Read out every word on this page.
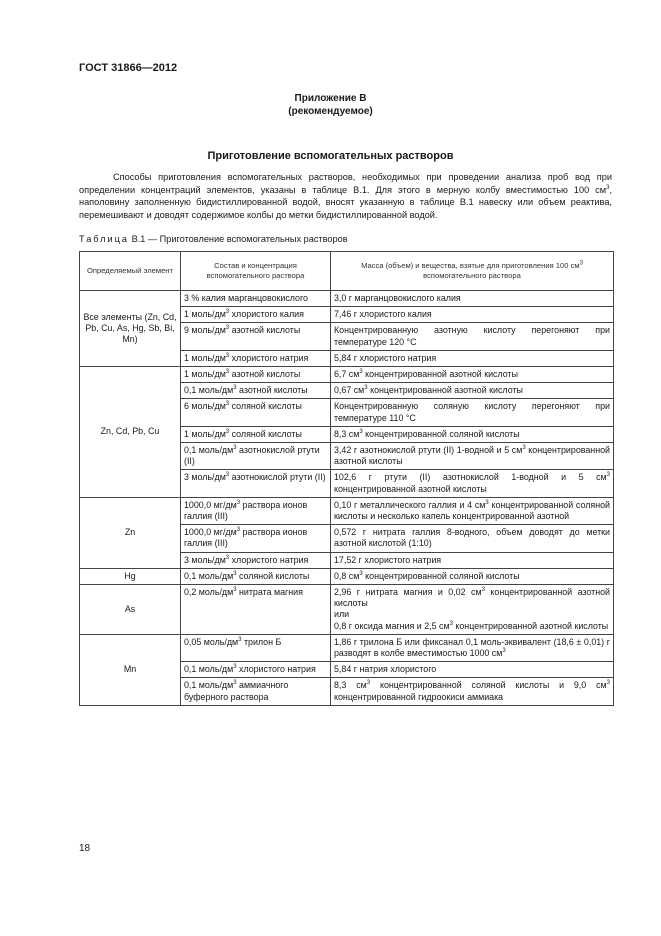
ГОСТ 31866—2012
Приложение В
(рекомендуемое)
Приготовление вспомогательных растворов
Способы приготовления вспомогательных растворов, необходимых при проведении анализа проб вод при
определении концентраций элементов, указаны в таблице В.1. Для этого в мерную колбу вместимостью 100 $см^3$,
наполовину заполненную бидистиллированной водой, вносят указанную в таблице В.1 навеску или объем реактива,
перемешивают и доводят содержимое колбы до метки бидистиллированной водой.
Таблица В.1 — Приготовление вспомогательных растворов
Определяемый элемент	Состав и концентрация вспомогательного раствора	Масса (объем) и вещества, взятые для приготовления 100 $см^3$ вспомогательного раствора
Все элементы (Zn, Cd, Pb, Cu, As, Hg, Sb, Bi, Mn)	3 % калия марганцовокислого	3,0 г марганцовокислого калия
	1 моль/$дм^3$ хлористого калия	7,46 г хлористого калия
	9 моль/$дм^3$ азотной кислоты	Концентрированную азотную кислоту перегоняют при температуре 120 °С
	1 моль/$дм^3$ хлористого натрия	5,84 г хлористого натрия
Zn, Cd, Pb, Cu	1 моль/$дм^3$ азотной кислоты	6,7 $см^3$ концентрированной азотной кислоты
	0,1 моль/$дм^3$ азотной кислоты	0,67 $см^3$ концентрированной азотной кислоты
	6 моль/$дм^3$ соляной кислоты	Концентрированную соляную кислоту перегоняют при температуре 110 °С
	1 моль/$дм^3$ соляной кислоты	8,3 $см^3$ концентрированной соляной кислоты
	0,1 моль/$дм^3$ азотнокислой ртути (II)	3,42 г азотнокислой ртути (II) 1-водной и 5 $см^3$ концентрированной азотной кислоты
	3 моль/$дм^3$ азотнокислой ртути (II)	102,6 г ртути (II) азотнокислой 1-водной и 5 $см^3$ концентрированной азотной кислоты
Zn	1000,0 $мг/дм^3$ раствора ионов галлия (III)	0,10 г металлического галлия и 4 $см^3$ концентрированной соляной кислоты и несколько капель концентрированной азотной
	1000,0 $мг/дм^3$ раствора ионов галлия (III)	0,572 г нитрата галлия 8-водного, объем доводят до метки азотной кислотой (1:10)
	3 моль/$дм^3$ хлористого натрия	17,52 г хлористого натрия
Hg	0,1 моль/$дм^3$ соляной кислоты	0,8 $см^3$ концентрированной соляной кислоты
As	0,2 моль/$дм^3$ нитрата магния	2,96 г нитрата магния и 0,02 $см^3$ концентрированной азотной кислоты
или
0,8 г оксида магния и 2,5 $см^3$ концентрированной азотной кислоты
Mn	0,05 моль/$дм^3$ трилон Б	1,86 г трилона Б или фиксанал 0,1 моль-эквивалент (18,6 ± 0,01) г разводят в колбе вместимостью 1000 $см^3$
	0,1 моль/$дм^3$ хлористого натрия	5,84 г натрия хлористого
	0,1 моль/$дм^3$ аммиачного буферного раствора	8,3 $см^3$ концентрированной соляной кислоты и 9,0 $см^3$ концентрированной гидроокиси аммиака
18
